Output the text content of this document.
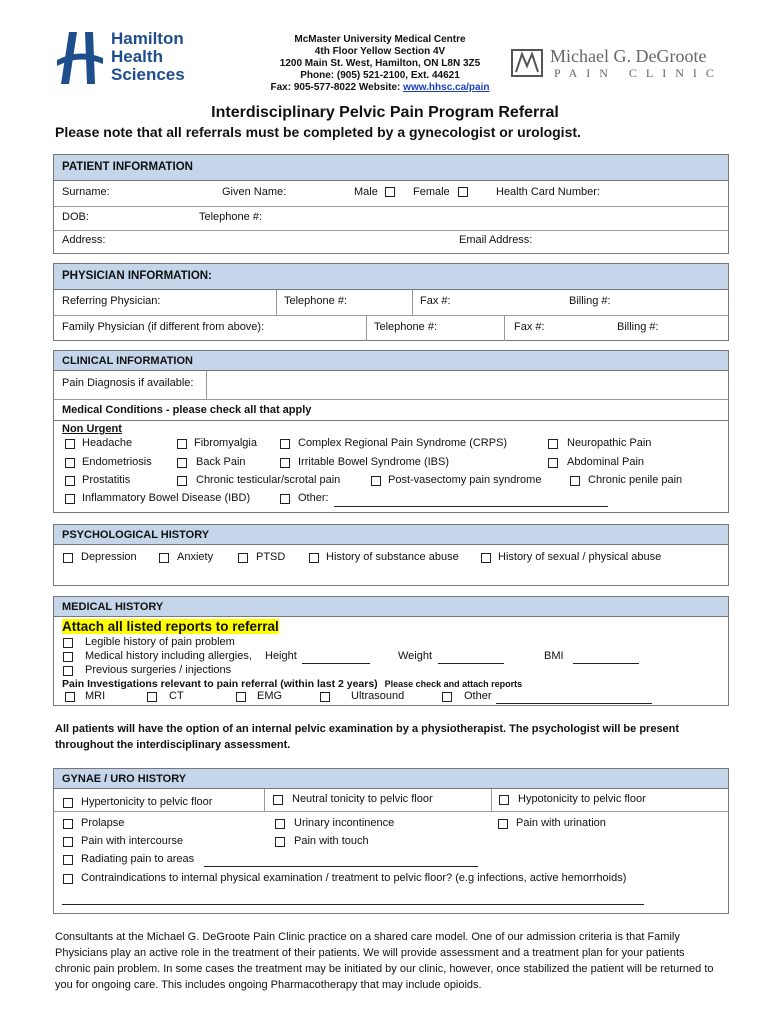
Hamilton
Health
Sciences
McMaster University Medical Centre
4th Floor Yellow Section 4V
1200 Main St. West, Hamilton, ON L8N 3Z5
Phone: (905) 521-2100, Ext. 44621
Fax: 905-577-8022 Website: www.hhsc.ca/pain
Michael G. DeGroote
PAIN CLINIC
Interdisciplinary Pelvic Pain Program Referral
Please note that all referrals must be completed by a gynecologist or urologist.
PATIENT INFORMATION
Surname:	Given Name:	Male	Female	Health Card Number:
DOB:	Telephone #:
Address:	Email Address:
PHYSICIAN INFORMATION:
Referring Physician:	Telephone #:	Fax #:	Billing #:
Family Physician (if different from above):	Telephone #:	Fax #:	Billing #:
CLINICAL INFORMATION
Pain Diagnosis if available:
Medical Conditions - please check all that apply
Non Urgent
Headache	Fibromyalgia	Complex Regional Pain Syndrome (CRPS)	Neuropathic Pain
Endometriosis	Back Pain	Irritable Bowel Syndrome (IBS)	Abdominal Pain
Prostatitis	Chronic testicular/scrotal pain	Post-vasectomy pain syndrome	Chronic penile pain
Inflammatory Bowel Disease (IBD)	Other:
PSYCHOLOGICAL HISTORY
Depression	Anxiety	PTSD	History of substance abuse	History of sexual / physical abuse
MEDICAL HISTORY
Attach all listed reports to referral
Legible history of pain problem
Medical history including allergies, Height	Weight	BMI
Previous surgeries / injections
Pain Investigations relevant to pain referral (within last 2 years) Please check and attach reports
MRI	CT	EMG	Ultrasound	Other
All patients will have the option of an internal pelvic examination by a physiotherapist. The psychologist will be present throughout the interdisciplinary assessment.
GYNAE / URO HISTORY
Hypertonicity to pelvic floor	Neutral tonicity to pelvic floor	Hypotonicity to pelvic floor
Prolapse	Urinary incontinence	Pain with urination
Pain with intercourse	Pain with touch
Radiating pain to areas
Contraindications to internal physical examination / treatment to pelvic floor? (e.g infections, active hemorrhoids)
Consultants at the Michael G. DeGroote Pain Clinic practice on a shared care model. One of our admission criteria is that Family Physicians play an active role in the treatment of their patients. We will provide assessment and a treatment plan for your patients chronic pain problem. In some cases the treatment may be initiated by our clinic, however, once stabilized the patient will be returned to you for ongoing care. This includes ongoing Pharmacotherapy that may include opioids.
